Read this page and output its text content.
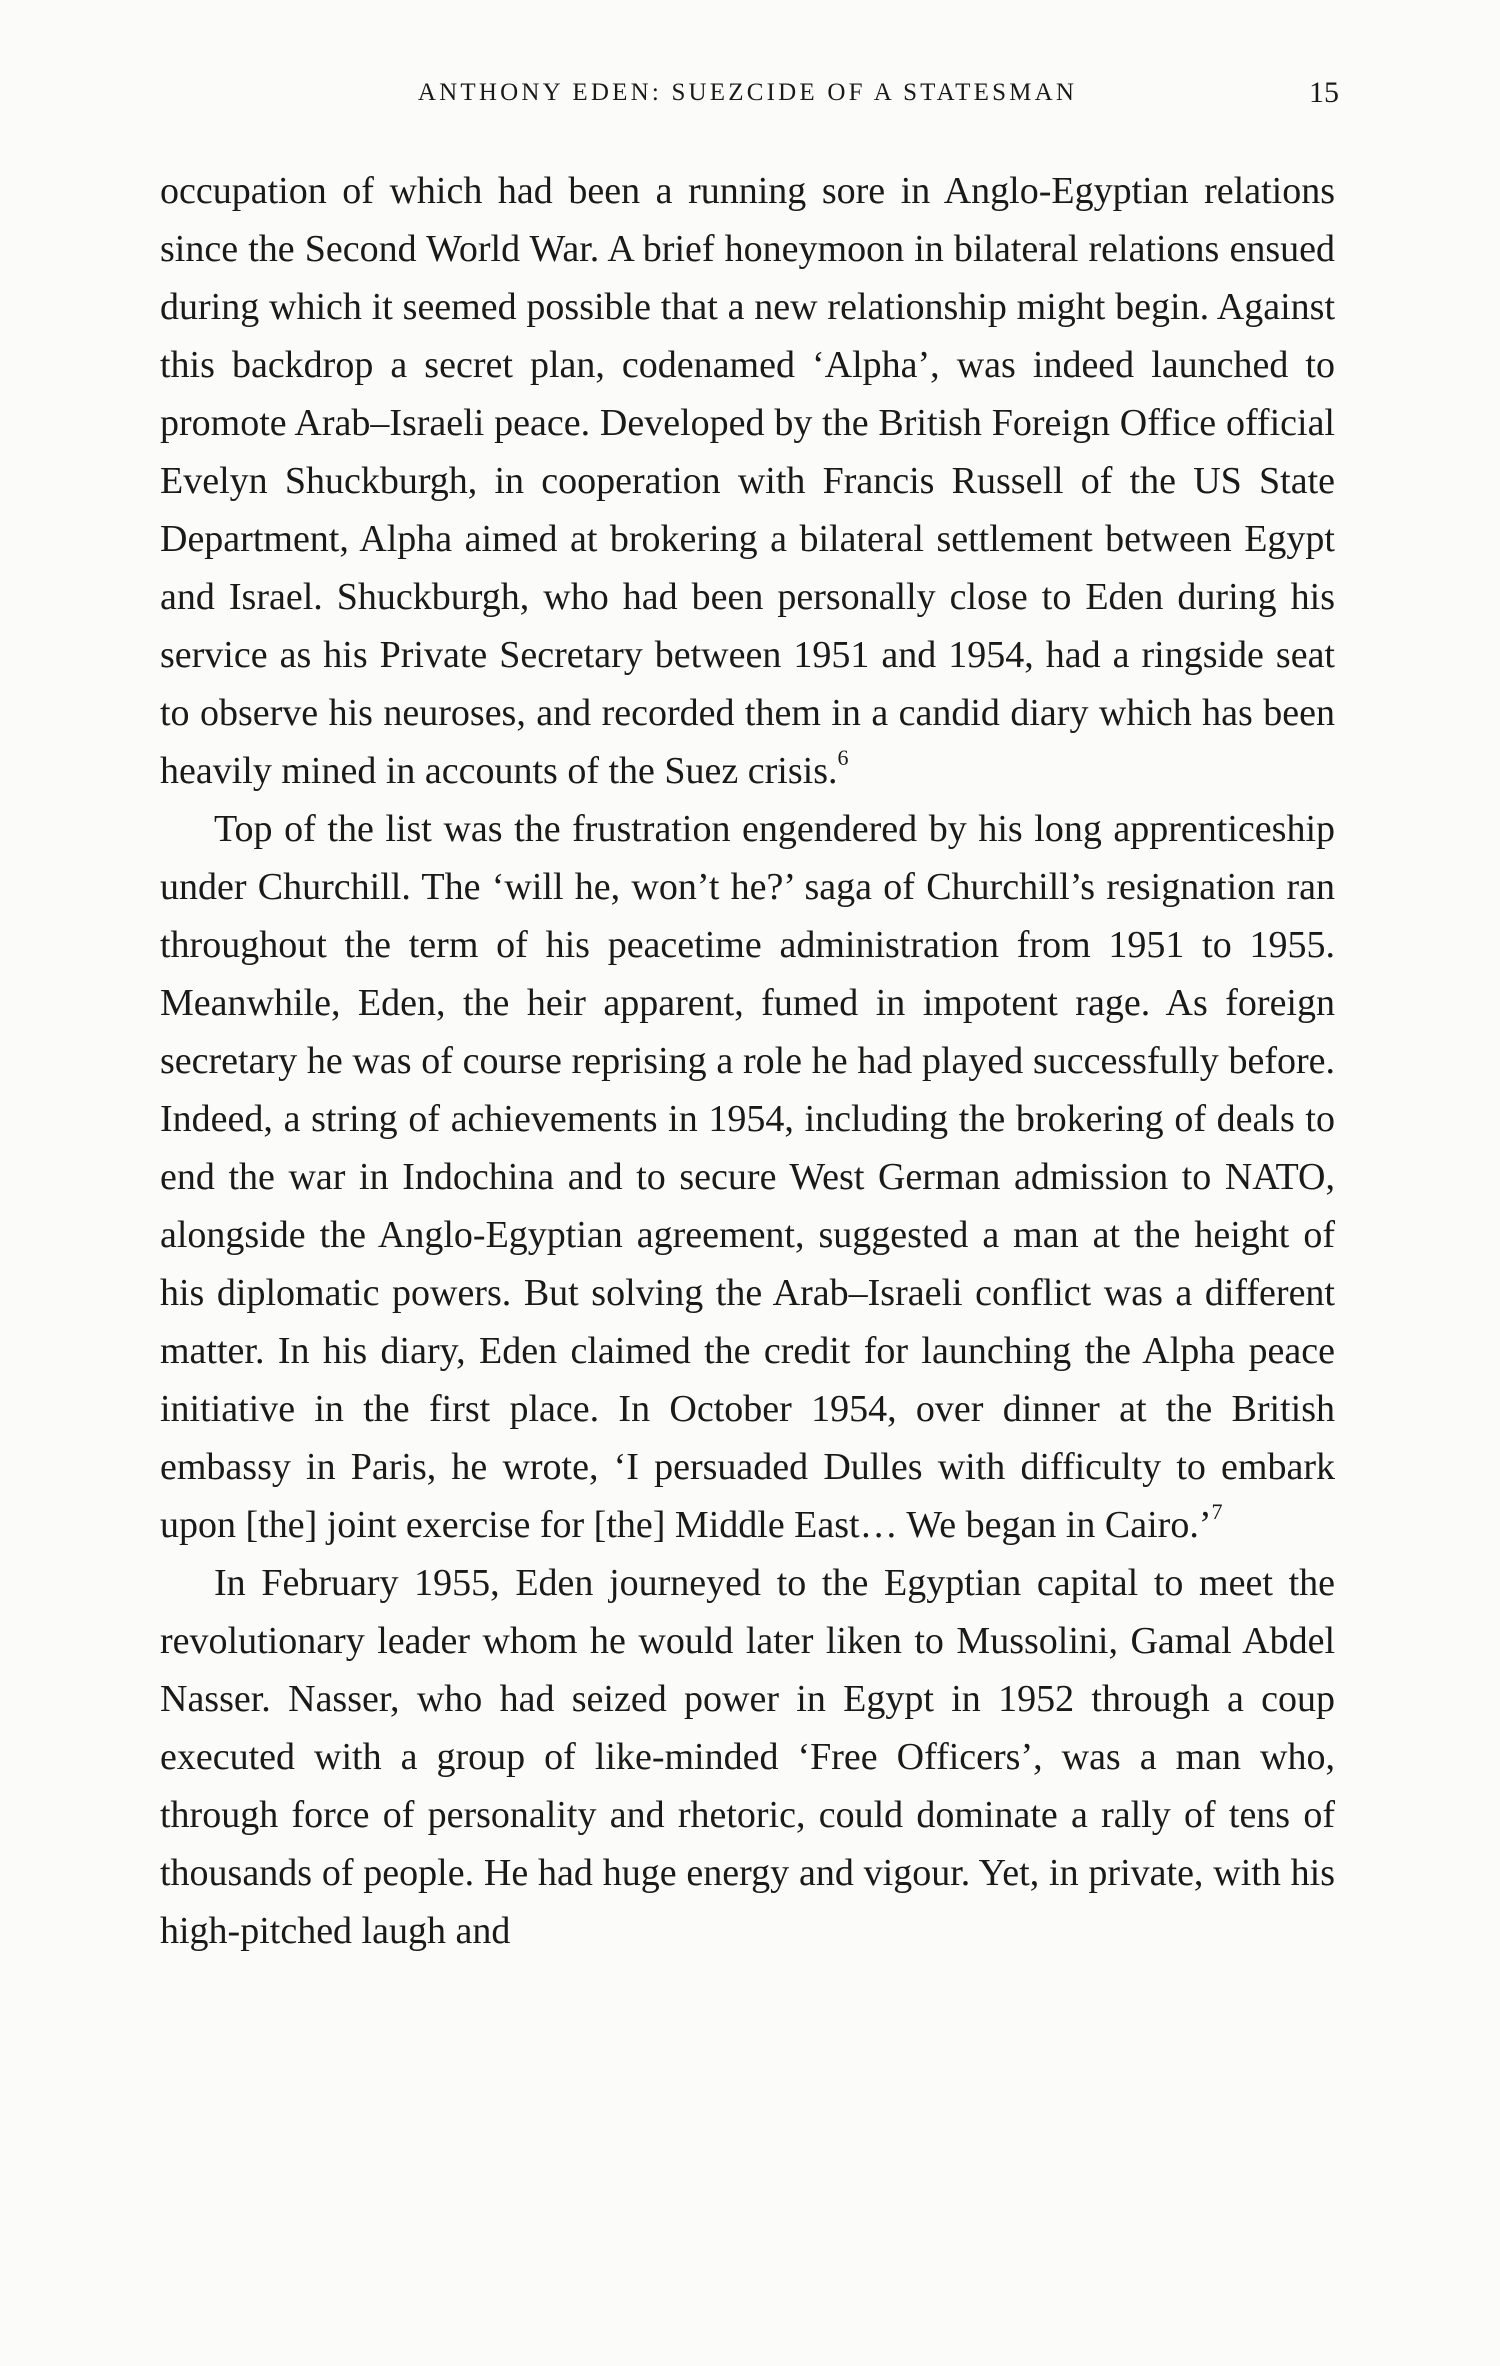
ANTHONY EDEN: SUEZCIDE OF A STATESMAN	15

occupation of which had been a running sore in Anglo-Egyptian relations since the Second World War. A brief honeymoon in bilateral relations ensued during which it seemed possible that a new relationship might begin. Against this backdrop a secret plan, codenamed ‘Alpha’, was indeed launched to promote Arab–Israeli peace. Developed by the British Foreign Office official Evelyn Shuckburgh, in cooperation with Francis Russell of the US State Department, Alpha aimed at brokering a bilateral settlement between Egypt and Israel. Shuckburgh, who had been personally close to Eden during his service as his Private Secretary between 1951 and 1954, had a ringside seat to observe his neuroses, and recorded them in a candid diary which has been heavily mined in accounts of the Suez crisis.$^6$

Top of the list was the frustration engendered by his long apprenticeship under Churchill. The ‘will he, won’t he?’ saga of Churchill’s resignation ran throughout the term of his peacetime administration from 1951 to 1955. Meanwhile, Eden, the heir apparent, fumed in impotent rage. As foreign secretary he was of course reprising a role he had played successfully before. Indeed, a string of achievements in 1954, including the brokering of deals to end the war in Indochina and to secure West German admission to NATO, alongside the Anglo-Egyptian agreement, suggested a man at the height of his diplomatic powers. But solving the Arab–Israeli conflict was a different matter. In his diary, Eden claimed the credit for launching the Alpha peace initiative in the first place. In October 1954, over dinner at the British embassy in Paris, he wrote, ‘I persuaded Dulles with difficulty to embark upon [the] joint exercise for [the] Middle East… We began in Cairo.’$^7$

In February 1955, Eden journeyed to the Egyptian capital to meet the revolutionary leader whom he would later liken to Mussolini, Gamal Abdel Nasser. Nasser, who had seized power in Egypt in 1952 through a coup executed with a group of like-minded ‘Free Officers’, was a man who, through force of personality and rhetoric, could dominate a rally of tens of thousands of people. He had huge energy and vigour. Yet, in private, with his high-pitched laugh and
